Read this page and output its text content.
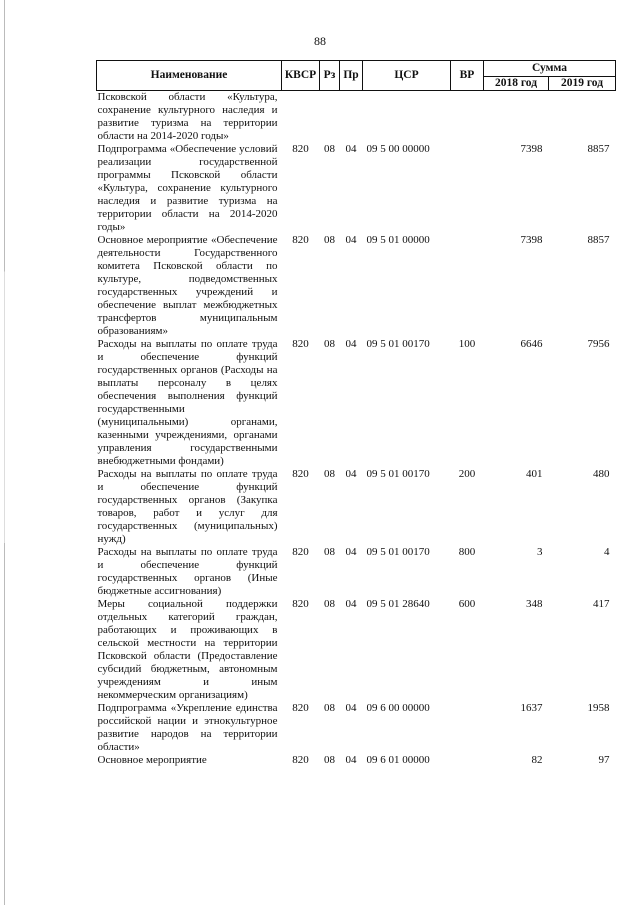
88
Наименование	КВСР	Рз	Пр	ЦСР	ВР	Сумма	
						2018 год	2019 год
Псковской области «Культура, сохранение культурного наследия и развитие туризма на территории области на 2014-2020 годы»							
Подпрограмма «Обеспечение условий реализации государственной программы Псковской области «Культура, сохранение культурного наследия и развитие туризма на территории области на 2014-2020 годы»	820	08	04	09 5 00 00000		7398	8857
Основное мероприятие «Обеспечение деятельности Государственного комитета Псковской области по культуре, подведомственных государственных учреждений и обеспечение выплат межбюджетных трансфертов муниципальным образованиям»	820	08	04	09 5 01 00000		7398	8857
Расходы на выплаты по оплате труда и обеспечение функций государственных органов (Расходы на выплаты персоналу в целях обеспечения выполнения функций государственными (муниципальными) органами, казенными учреждениями, органами управления государственными внебюджетными фондами)	820	08	04	09 5 01 00170	100	6646	7956
Расходы на выплаты по оплате труда и обеспечение функций государственных органов (Закупка товаров, работ и услуг для государственных (муниципальных) нужд)	820	08	04	09 5 01 00170	200	401	480
Расходы на выплаты по оплате труда и обеспечение функций государственных органов (Иные бюджетные ассигнования)	820	08	04	09 5 01 00170	800	3	4
Меры социальной поддержки отдельных категорий граждан, работающих и проживающих в сельской местности на территории Псковской области (Предоставление субсидий бюджетным, автономным учреждениям и иным некоммерческим организациям)	820	08	04	09 5 01 28640	600	348	417
Подпрограмма «Укрепление единства российской нации и этнокультурное развитие народов на территории области»	820	08	04	09 6 00 00000		1637	1958
Основное мероприятие	820	08	04	09 6 01 00000		82	97
